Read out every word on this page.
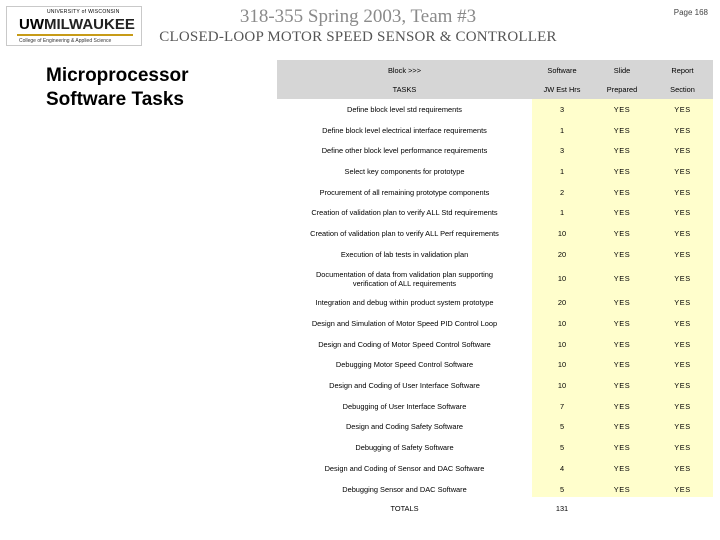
UNIVERSITY of WISCONSIN
UWMILWAUKEE
College of Engineering & Applied Science
318-355 Spring 2003, Team #3
CLOSED-LOOP MOTOR SPEED SENSOR & CONTROLLER
Page 168
Microprocessor
Software Tasks
Block >>>	Software	Slide	Report
TASKS	JW Est Hrs	Prepared	Section
Define block level std requirements	3	YES	YES
Define block level electrical interface requirements	1	YES	YES
Define other block level performance requirements	3	YES	YES
Select key components for prototype	1	YES	YES
Procurement of all remaining prototype components	2	YES	YES
Creation of validation plan to verify ALL Std requirements	1	YES	YES
Creation of validation plan to verify ALL Perf requirements	10	YES	YES
Execution of lab tests in validation plan	20	YES	YES

Documentation of data from validation plan supporting
verification of ALL requirements	10	YES	YES
Integration and debug within product system prototype	20	YES	YES
Design and Simulation of Motor Speed PID Control Loop	10	YES	YES
Design and Coding of Motor Speed Control Software	10	YES	YES
Debugging Motor Speed Control Software	10	YES	YES
Design and Coding of User Interface Software	10	YES	YES
Debugging of User Interface Software	7	YES	YES
Design and Coding Safety Software	5	YES	YES
Debugging of Safety Software	5	YES	YES
Design and Coding of Sensor and DAC Software	4	YES	YES
Debugging Sensor and DAC Software	5	YES	YES
TOTALS	131		
